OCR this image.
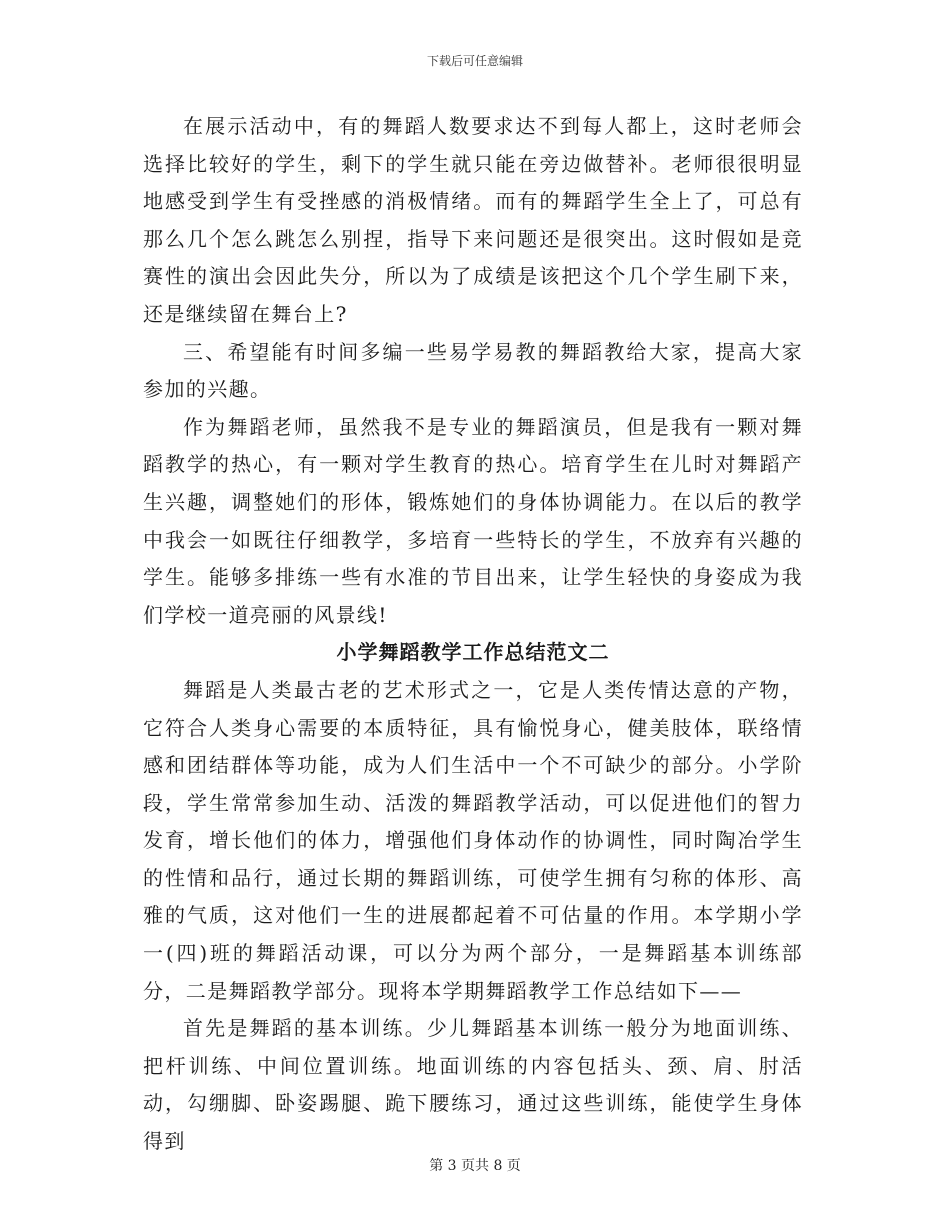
下载后可任意编辑

在展示活动中，有的舞蹈人数要求达不到每人都上，这时老师会选择比较好的学生，剩下的学生就只能在旁边做替补。老师很很明显地感受到学生有受挫感的消极情绪。而有的舞蹈学生全上了，可总有那么几个怎么跳怎么别捏，指导下来问题还是很突出。这时假如是竞赛性的演出会因此失分，所以为了成绩是该把这个几个学生刷下来，还是继续留在舞台上?

三、希望能有时间多编一些易学易教的舞蹈教给大家，提高大家参加的兴趣。

作为舞蹈老师，虽然我不是专业的舞蹈演员，但是我有一颗对舞蹈教学的热心，有一颗对学生教育的热心。培育学生在儿时对舞蹈产生兴趣，调整她们的形体，锻炼她们的身体协调能力。在以后的教学中我会一如既往仔细教学，多培育一些特长的学生，不放弃有兴趣的学生。能够多排练一些有水准的节目出来，让学生轻快的身姿成为我们学校一道亮丽的风景线!

小学舞蹈教学工作总结范文二

舞蹈是人类最古老的艺术形式之一，它是人类传情达意的产物，它符合人类身心需要的本质特征，具有愉悦身心，健美肢体，联络情感和团结群体等功能，成为人们生活中一个不可缺少的部分。小学阶段，学生常常参加生动、活泼的舞蹈教学活动，可以促进他们的智力发育，增长他们的体力，增强他们身体动作的协调性，同时陶冶学生的性情和品行，通过长期的舞蹈训练，可使学生拥有匀称的体形、高雅的气质，这对他们一生的进展都起着不可估量的作用。本学期小学一(四)班的舞蹈活动课，可以分为两个部分，一是舞蹈基本训练部分，二是舞蹈教学部分。现将本学期舞蹈教学工作总结如下——

首先是舞蹈的基本训练。少儿舞蹈基本训练一般分为地面训练、把杆训练、中间位置训练。地面训练的内容包括头、颈、肩、肘活动，勾绷脚、卧姿踢腿、跪下腰练习，通过这些训练，能使学生身体得到

第 3 页共 8 页
